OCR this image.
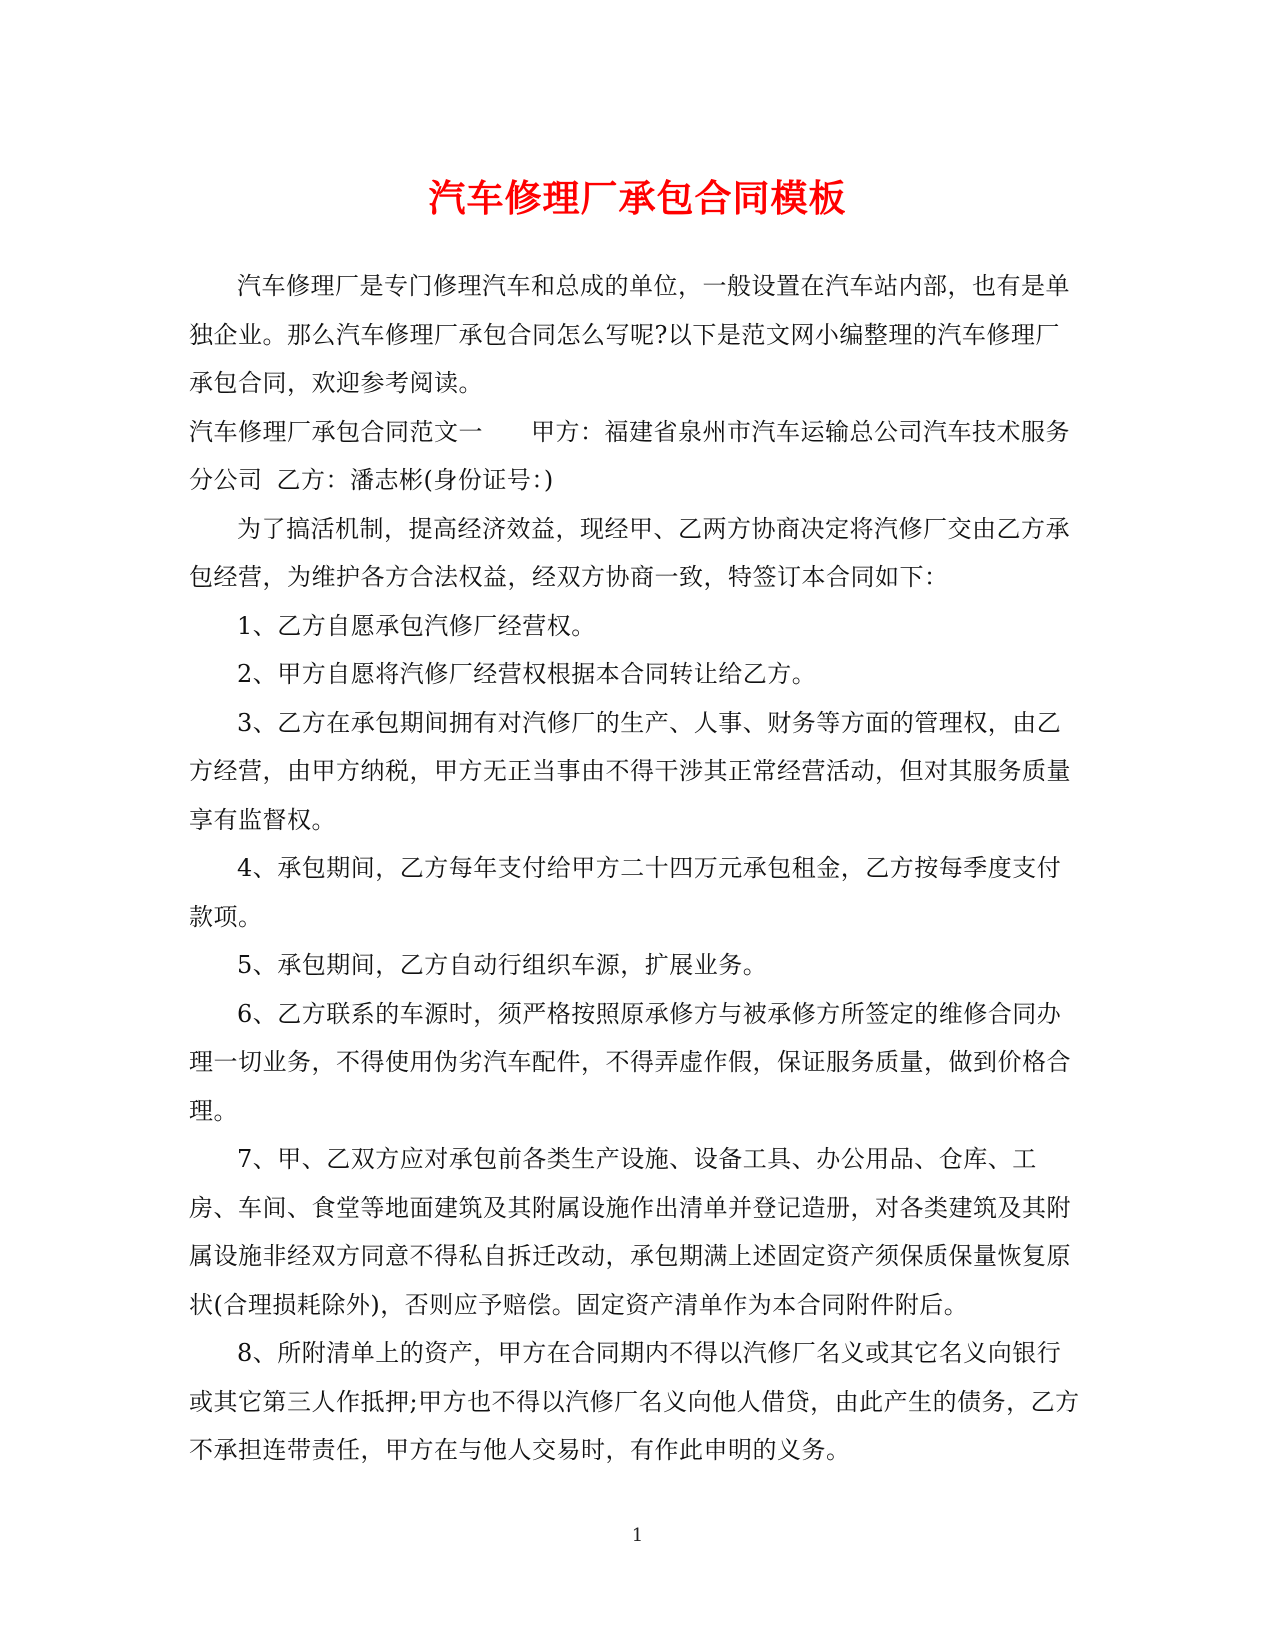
汽车修理厂承包合同模板

汽车修理厂是专门修理汽车和总成的单位，一般设置在汽车站内部，也有是单独企业。那么汽车修理厂承包合同怎么写呢?以下是范文网小编整理的汽车修理厂承包合同，欢迎参考阅读。

汽车修理厂承包合同范文一 甲方：福建省泉州市汽车运输总公司汽车技术服务分公司 乙方：潘志彬(身份证号：)

为了搞活机制，提高经济效益，现经甲、乙两方协商决定将汽修厂交由乙方承包经营，为维护各方合法权益，经双方协商一致，特签订本合同如下：

1、乙方自愿承包汽修厂经营权。

2、甲方自愿将汽修厂经营权根据本合同转让给乙方。

3、乙方在承包期间拥有对汽修厂的生产、人事、财务等方面的管理权，由乙方经营，由甲方纳税，甲方无正当事由不得干涉其正常经营活动，但对其服务质量享有监督权。

4、承包期间，乙方每年支付给甲方二十四万元承包租金，乙方按每季度支付款项。

5、承包期间，乙方自动行组织车源，扩展业务。

6、乙方联系的车源时，须严格按照原承修方与被承修方所签定的维修合同办理一切业务，不得使用伪劣汽车配件，不得弄虚作假，保证服务质量，做到价格合理。

7、甲、乙双方应对承包前各类生产设施、设备工具、办公用品、仓库、工房、车间、食堂等地面建筑及其附属设施作出清单并登记造册，对各类建筑及其附属设施非经双方同意不得私自拆迁改动，承包期满上述固定资产须保质保量恢复原状(合理损耗除外)，否则应予赔偿。固定资产清单作为本合同附件附后。

8、所附清单上的资产，甲方在合同期内不得以汽修厂名义或其它名义向银行或其它第三人作抵押;甲方也不得以汽修厂名义向他人借贷，由此产生的债务，乙方不承担连带责任，甲方在与他人交易时，有作此申明的义务。

1
